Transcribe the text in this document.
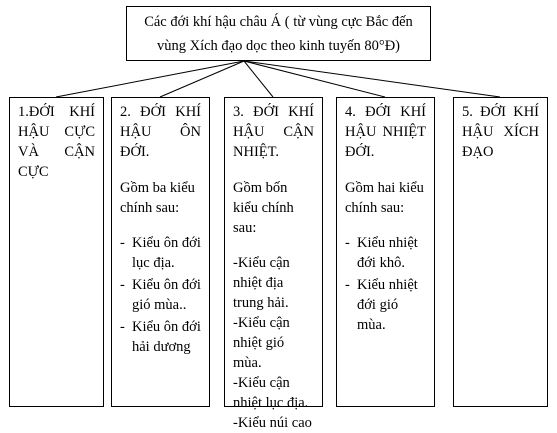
Các đới khí hậu châu Á ( từ vùng cực Bắc đến
vùng Xích đạo dọc theo kinh tuyến 80°Đ)
1.ĐỚI KHÍ HẬU CỰC VÀ CẬN CỰC
2. ĐỚI KHÍ HẬU ÔN ĐỚI.
Gồm ba kiểu chính sau:
- Kiểu ôn đới lục địa.
- Kiểu ôn đới gió mùa..
- Kiểu ôn đới hải dương
3. ĐỚI KHÍ HẬU CẬN NHIỆT.
Gồm bốn kiểu chính sau:
-Kiểu cận nhiệt địa trung hải.
-Kiểu cận nhiệt gió mùa.
-Kiểu cận nhiệt lục địa.
-Kiểu núi cao
4. ĐỚI KHÍ HẬU NHIỆT ĐỚI.
Gồm hai kiểu chính sau:
- Kiểu nhiệt đới khô.
- Kiểu nhiệt đới gió mùa.
5. ĐỚI KHÍ HẬU XÍCH ĐẠO
